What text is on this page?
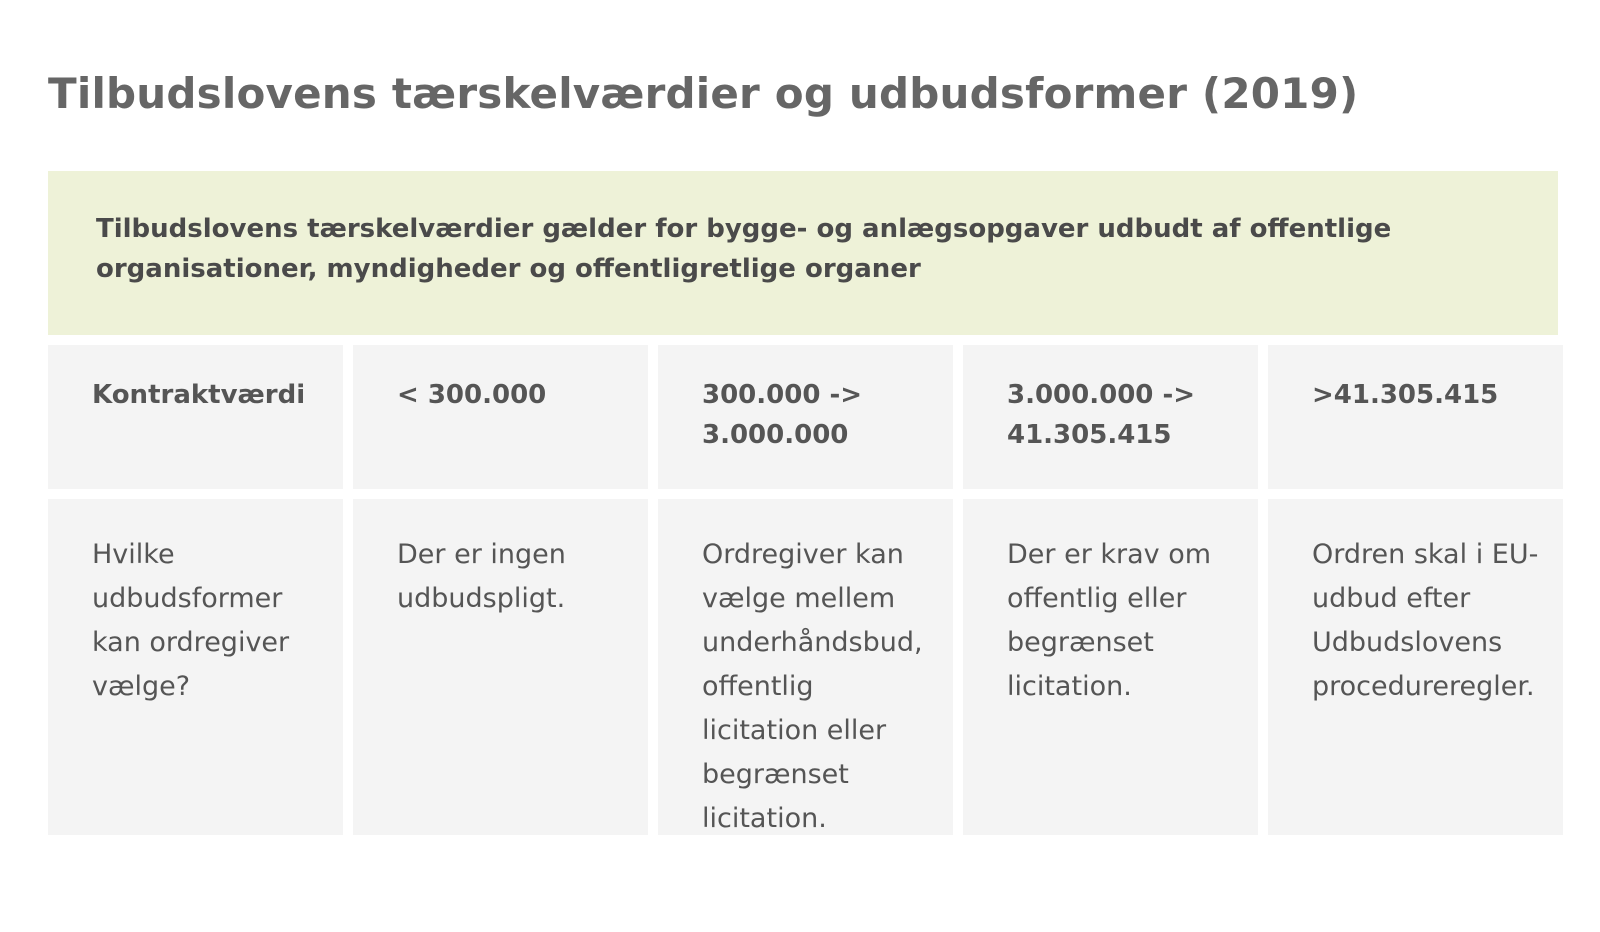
Tilbudslovens tærskelværdier og udbudsformer (2019)

Tilbudslovens tærskelværdier gælder for bygge- og anlægsopgaver udbudt af offentlige organisationer, myndigheder og offentligretlige organer

Kontraktværdi	< 300.000	300.000 -> 3.000.000

3.000.000 -> 41.305.415

>41.305.415

Hvilke udbudsformer kan ordregiver vælge?

Der er ingen udbudspligt.

Ordregiver kan vælge mellem underhåndsbud, offentlig licitation eller begrænset licitation.

Der er krav om offentlig eller begrænset licitation.

Ordren skal i EU-udbud efter Udbudslovens procedureregler.
